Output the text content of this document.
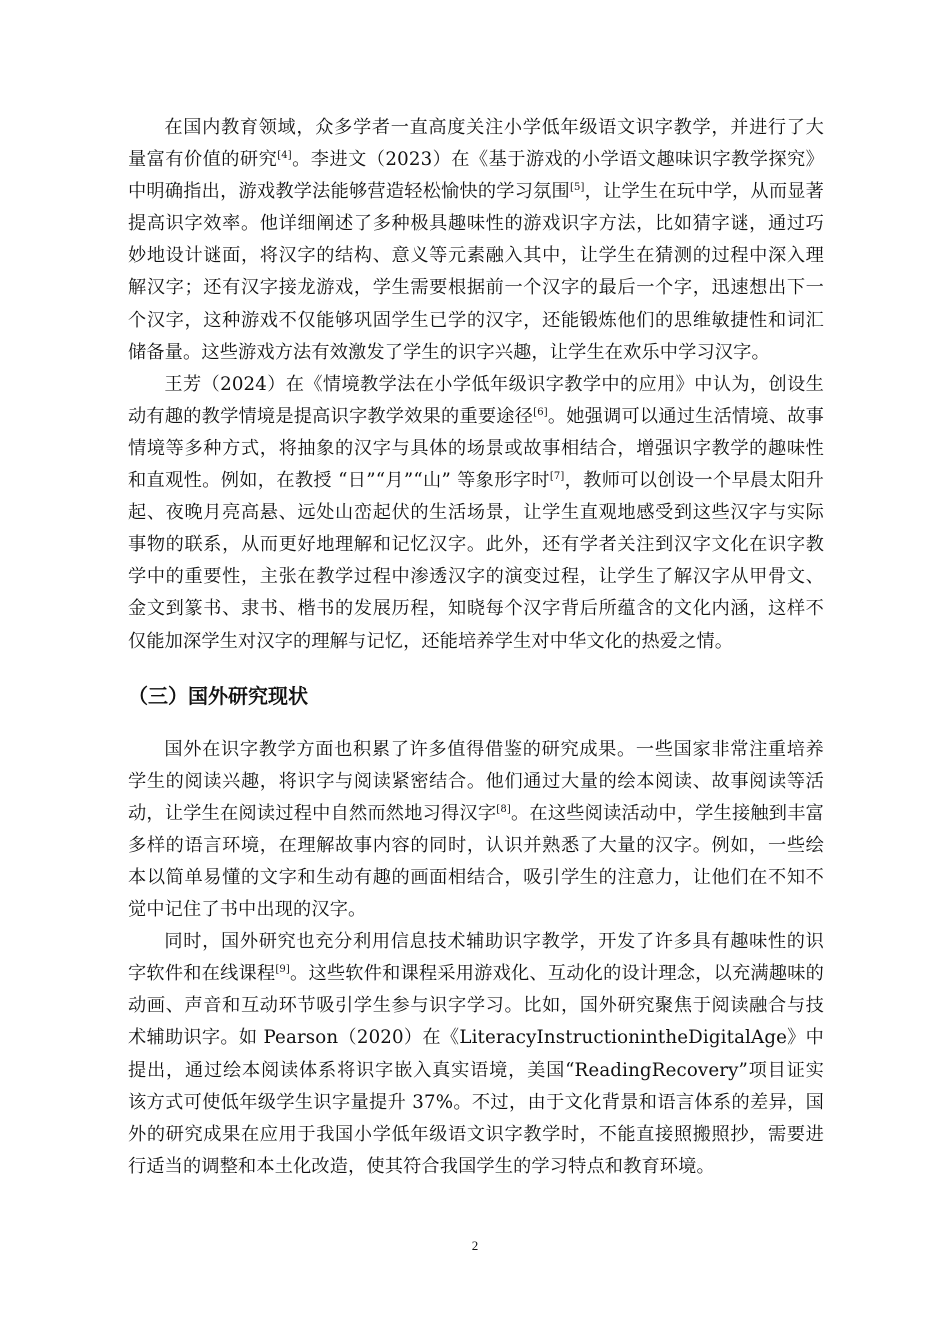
在国内教育领域，众多学者一直高度关注小学低年级语文识字教学，并进行了大量富有价值的研究[4]。李进文（2023）在《基于游戏的小学语文趣味识字教学探究》中明确指出，游戏教学法能够营造轻松愉快的学习氛围[5]，让学生在玩中学，从而显著提高识字效率。他详细阐述了多种极具趣味性的游戏识字方法，比如猜字谜，通过巧妙地设计谜面，将汉字的结构、意义等元素融入其中，让学生在猜测的过程中深入理解汉字；还有汉字接龙游戏，学生需要根据前一个汉字的最后一个字，迅速想出下一个汉字，这种游戏不仅能够巩固学生已学的汉字，还能锻炼他们的思维敏捷性和词汇储备量。这些游戏方法有效激发了学生的识字兴趣，让学生在欢乐中学习汉字。

王芳（2024）在《情境教学法在小学低年级识字教学中的应用》中认为，创设生动有趣的教学情境是提高识字教学效果的重要途径[6]。她强调可以通过生活情境、故事情境等多种方式，将抽象的汉字与具体的场景或故事相结合，增强识字教学的趣味性和直观性。例如，在教授 “日”“月”“山” 等象形字时[7]，教师可以创设一个早晨太阳升起、夜晚月亮高悬、远处山峦起伏的生活场景，让学生直观地感受到这些汉字与实际事物的联系，从而更好地理解和记忆汉字。此外，还有学者关注到汉字文化在识字教学中的重要性，主张在教学过程中渗透汉字的演变过程，让学生了解汉字从甲骨文、金文到篆书、隶书、楷书的发展历程，知晓每个汉字背后所蕴含的文化内涵，这样不仅能加深学生对汉字的理解与记忆，还能培养学生对中华文化的热爱之情。

（三）国外研究现状

国外在识字教学方面也积累了许多值得借鉴的研究成果。一些国家非常注重培养学生的阅读兴趣，将识字与阅读紧密结合。他们通过大量的绘本阅读、故事阅读等活动，让学生在阅读过程中自然而然地习得汉字[8]。在这些阅读活动中，学生接触到丰富多样的语言环境，在理解故事内容的同时，认识并熟悉了大量的汉字。例如，一些绘本以简单易懂的文字和生动有趣的画面相结合，吸引学生的注意力，让他们在不知不觉中记住了书中出现的汉字。

同时，国外研究也充分利用信息技术辅助识字教学，开发了许多具有趣味性的识字软件和在线课程[9]。这些软件和课程采用游戏化、互动化的设计理念，以充满趣味的动画、声音和互动环节吸引学生参与识字学习。比如，国外研究聚焦于阅读融合与技术辅助识字。如 Pearson（2020）在《LiteracyInstructionintheDigitalAge》中提出，通过绘本阅读体系将识字嵌入真实语境，美国“ReadingRecovery”项目证实该方式可使低年级学生识字量提升 37%。不过，由于文化背景和语言体系的差异，国外的研究成果在应用于我国小学低年级语文识字教学时，不能直接照搬照抄，需要进行适当的调整和本土化改造，使其符合我国学生的学习特点和教育环境。

2
